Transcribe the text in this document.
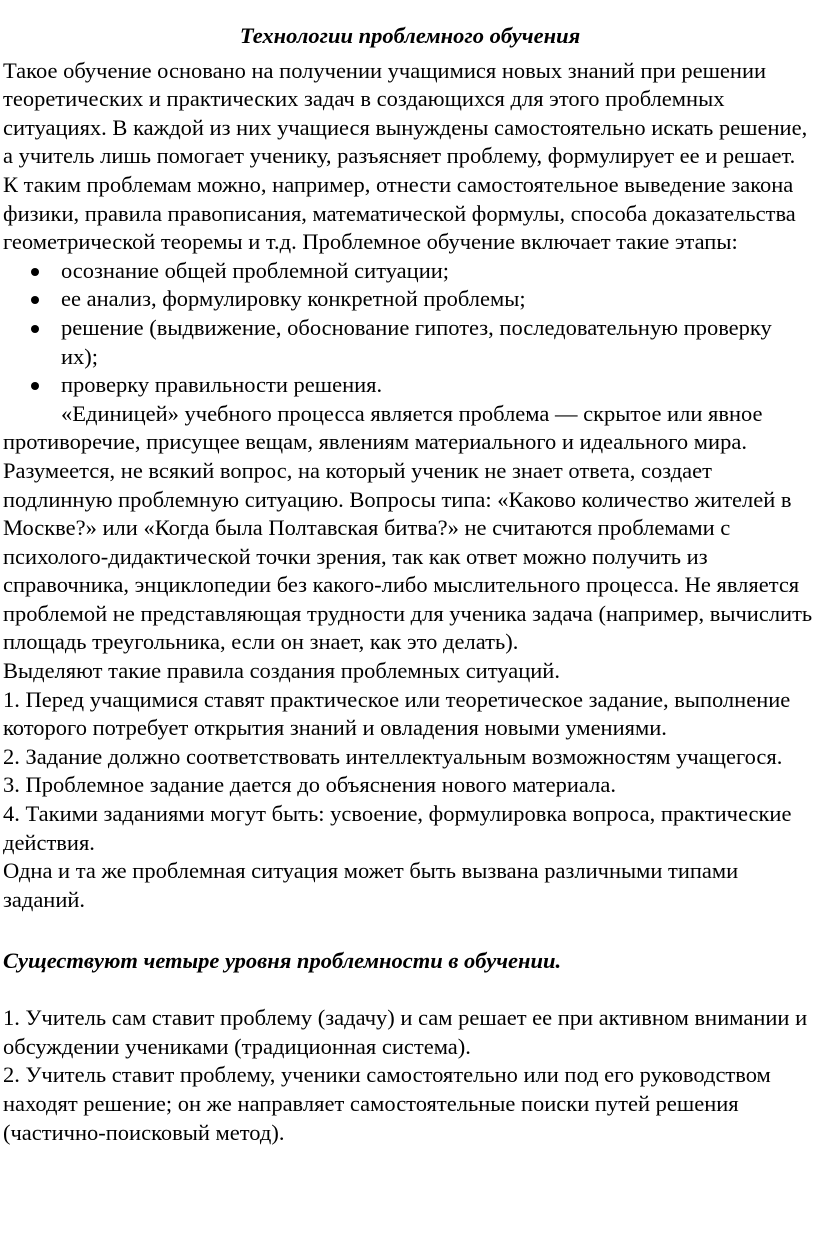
Технологии проблемного обучения

Такое обучение основано на получении учащимися новых знаний при решении теоретических и практических задач в создающихся для этого проблемных ситуациях. В каждой из них учащиеся вынуждены самостоятельно искать решение, а учитель лишь помогает ученику, разъясняет проблему, формулирует ее и решает. К таким проблемам можно, например, отнести самостоятельное выведение закона физики, правила правописания, математической формулы, способа доказательства геометрической теоремы и т.д. Проблемное обучение включает такие этапы:

осознание общей проблемной ситуации;
ее анализ, формулировку конкретной проблемы;
решение (выдвижение, обоснование гипотез, последовательную проверку их);
проверку правильности решения.

«Единицей» учебного процесса является проблема — скрытое или явное противоречие, присущее вещам, явлениям материального и идеального мира. Разумеется, не всякий вопрос, на который ученик не знает ответа, создает подлинную проблемную ситуацию. Вопросы типа: «Каково количество жителей в Москве?» или «Когда была Полтавская битва?» не считаются проблемами с психолого-дидактической точки зрения, так как ответ можно получить из справочника, энциклопедии без какого-либо мыслительного процесса. Не является проблемой не представляющая трудности для ученика задача (например, вычислить площадь треугольника, если он знает, как это делать).

Выделяют такие правила создания проблемных ситуаций.

1. Перед учащимися ставят практическое или теоретическое задание, выполнение которого потребует открытия знаний и овладения новыми умениями.

2. Задание должно соответствовать интеллектуальным возможностям учащегося.

3. Проблемное задание дается до объяснения нового материала.

4. Такими заданиями могут быть: усвоение, формулировка вопроса, практические действия.

Одна и та же проблемная ситуация может быть вызвана различными типами заданий.

Существуют четыре уровня проблемности в обучении.

1. Учитель сам ставит проблему (задачу) и сам решает ее при активном внимании и обсуждении учениками (традиционная система).

2. Учитель ставит проблему, ученики самостоятельно или под его руководством находят решение; он же направляет самостоятельные поиски путей решения (частично-поисковый метод).
